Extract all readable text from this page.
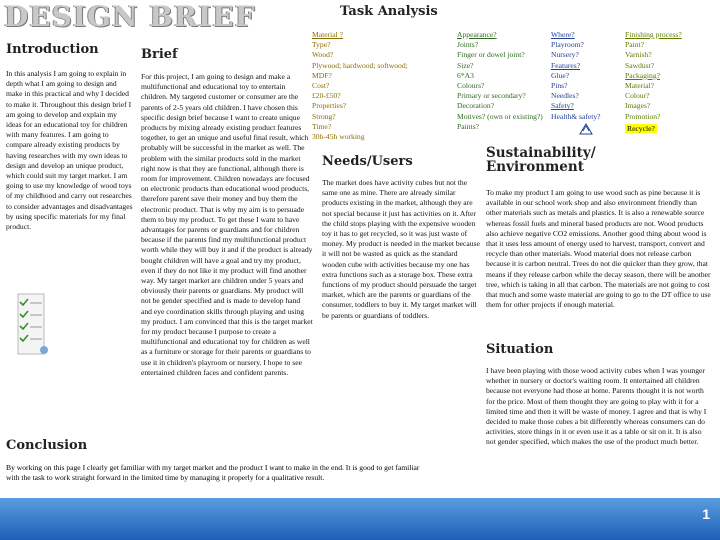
DESIGN BRIEF
Introduction
In this analysis I am going to explain in depth what I am going to design and make in this practical and why I decided to make it. Throughout this design brief I am going to develop and explain my ideas for an educational toy for children with many features. I am going to compare already existing products by having researches with my own ideas to design and develop an unique product, which could suit my target market. I am going to use my knowledge of wood toys of my childhood and carry out researches to consider advantages and disadvantages by using specific materials for my final product.
Conclusion
By working on this page I clearly get familiar with my target market and the product I want to make in the end. It is good to get familiar with the task to work straight forward in the limited time by managing it properly for a qualitative result.
Brief
For this project, I am going to design and make a multifunctional and educational toy to entertain children. My targeted customer or consumer are the parents of 2-5 years old children. I have chosen this specific design brief because I want to create unique products by mixing already existing product features together, to get an unique and useful final result, which probably will be successful in the market as well. The problem with the similar products sold in the market right now is that they are functional, although there is room for improvement. Children nowadays are focused on electronic products than educational wood products, therefore parent save their money and buy them the electronic product. That is why my aim is to persuade them to buy my product. To get these I want to have advantages for parents or guardians and for children because if the parents find my multifunctional product worth while they will buy it and if the product is already bought children will have a goal and try my product, even if they do not like it my product will find another way. My target market are children under 5 years and obviously their parents or guardians. My product will not be gender specified and is made to develop hand and eye coordination skills through playing and using my product. I am convinced that this is the target market for my product because I purpose to create a multifunctional and educational toy for children as well as a furniture or storage for their parents or guardians to use it in children's playroom or nursery. I hope to see entertained children faces and confident parents.
Task Analysis
Material ?
Type?
Wood?
Plywood; hardwood; softwood;
MDF?
Cost?
£20-£50?
Properties?
Strong?
Time?
30h-45h working
Appearance?
Joints?
Finger or dowel joint?
Size?
6*A3
Colours?
Primary or secondary?
Decoration?
Motives? (own or existing?)
Paints?
Where?
Playroom?
Nursery?
Features?
Glue?
Pins?
Needles?
Safety?
Health& safety?
Finishing process?
Paint?
Varnish?
Sawdust?
Packaging?
Material?
Colour?
Images?
Promotion?
Recycle?
Needs/Users
The market does have activity cubes but not the same one as mine. There are already similar products existing in the market, although they are not special because it just has activities on it. After the child stops playing with the expensive wooden toy it has to get recycled, so it was just waste of money. My product is needed in the market because it will not be wasted as quick as the standard wooden cube with activities because my one has extra functions such as a storage box. These extra functions of my product should persuade the target market, which are the parents or guardians of the consumer, toddlers to buy it. My target market will be parents or guardians of toddlers.
Sustainability/ Environment
To make my product I am going to use wood such as pine because it is available in our school work shop and also environment friendly than other materials such as metals and plastics. It is also a renewable source whereas fossil fuels and mineral based products are not. Wood products also achieve negative CO2 emissions. Another good thing about wood is that it uses less amount of energy used to harvest, transport, convert and recycle than other materials. Wood material does not release carbon because it is carbon neutral. Trees do not die quicker than they grow, that means if they release carbon while the decay season, there will be another tree, which is taking in all that carbon. The materials are not going to cost that much and some waste material are going to go to the DT office to use them for other projects if enough material.
Situation
I have been playing with those wood activity cubes when I was younger whether in nursery or doctor's waiting room. It entertained all children because not everyone had those at home. Parents thought it is not worth for the price. Most of them thought they are going to play with it for a limited time and then it will be waste of money. I agree and that is why I decided to make those cubes a bit differently whereas consumers can do activities, store things in it or even use it as a table or sit on it. It is also not gender specified, which makes the use of the product much better.
1
